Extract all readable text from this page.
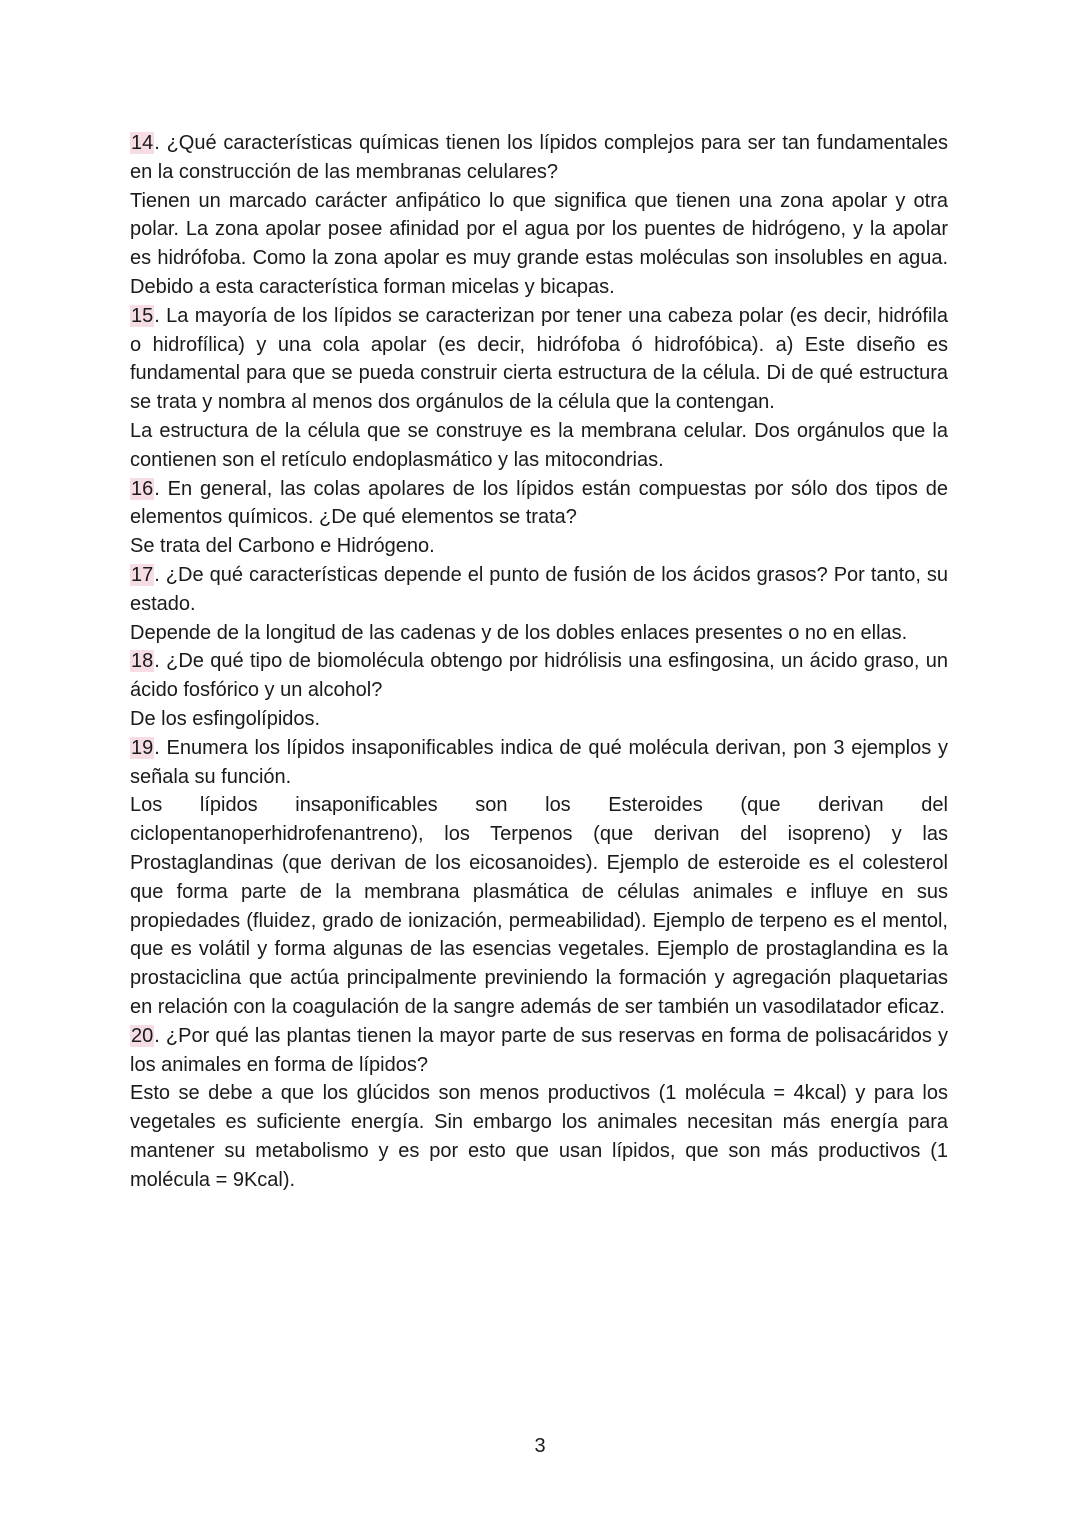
14. ¿Qué características químicas tienen los lípidos complejos para ser tan fundamentales en la construcción de las membranas celulares?

Tienen un marcado carácter anfipático lo que significa que tienen una zona apolar y otra polar. La zona apolar posee afinidad por el agua por los puentes de hidrógeno, y la apolar es hidrófoba. Como la zona apolar es muy grande estas moléculas son insolubles en agua. Debido a esta característica forman micelas y bicapas.

15. La mayoría de los lípidos se caracterizan por tener una cabeza polar (es decir, hidrófila o hidrofílica) y una cola apolar (es decir, hidrófoba ó hidrofóbica). a) Este diseño es fundamental para que se pueda construir cierta estructura de la célula. Di de qué estructura se trata y nombra al menos dos orgánulos de la célula que la contengan.

La estructura de la célula que se construye es la membrana celular. Dos orgánulos que la contienen son el retículo endoplasmático y las mitocondrias.

16. En general, las colas apolares de los lípidos están compuestas por sólo dos tipos de elementos químicos. ¿De qué elementos se trata?

Se trata del Carbono e Hidrógeno.

17. ¿De qué características depende el punto de fusión de los ácidos grasos? Por tanto, su estado.

Depende de la longitud de las cadenas y de los dobles enlaces presentes o no en ellas.

18. ¿De qué tipo de biomolécula obtengo por hidrólisis una esfingosina, un ácido graso, un ácido fosfórico y un alcohol?

De los esfingolípidos.

19. Enumera los lípidos insaponificables indica de qué molécula derivan, pon 3 ejemplos y señala su función.

Los lípidos insaponificables son los Esteroides (que derivan del ciclopentanoperhidrofenantreno), los Terpenos (que derivan del isopreno) y las Prostaglandinas (que derivan de los eicosanoides). Ejemplo de esteroide es el colesterol que forma parte de la membrana plasmática de células animales e influye en sus propiedades (fluidez, grado de ionización, permeabilidad). Ejemplo de terpeno es el mentol, que es volátil y forma algunas de las esencias vegetales. Ejemplo de prostaglandina es la prostaciclina que actúa principalmente previniendo la formación y agregación plaquetarias en relación con la coagulación de la sangre además de ser también un vasodilatador eficaz.

20. ¿Por qué las plantas tienen la mayor parte de sus reservas en forma de polisacáridos y los animales en forma de lípidos?

Esto se debe a que los glúcidos son menos productivos (1 molécula = 4kcal) y para los vegetales es suficiente energía. Sin embargo los animales necesitan más energía para mantener su metabolismo y es por esto que usan lípidos, que son más productivos (1 molécula = 9Kcal).

3
